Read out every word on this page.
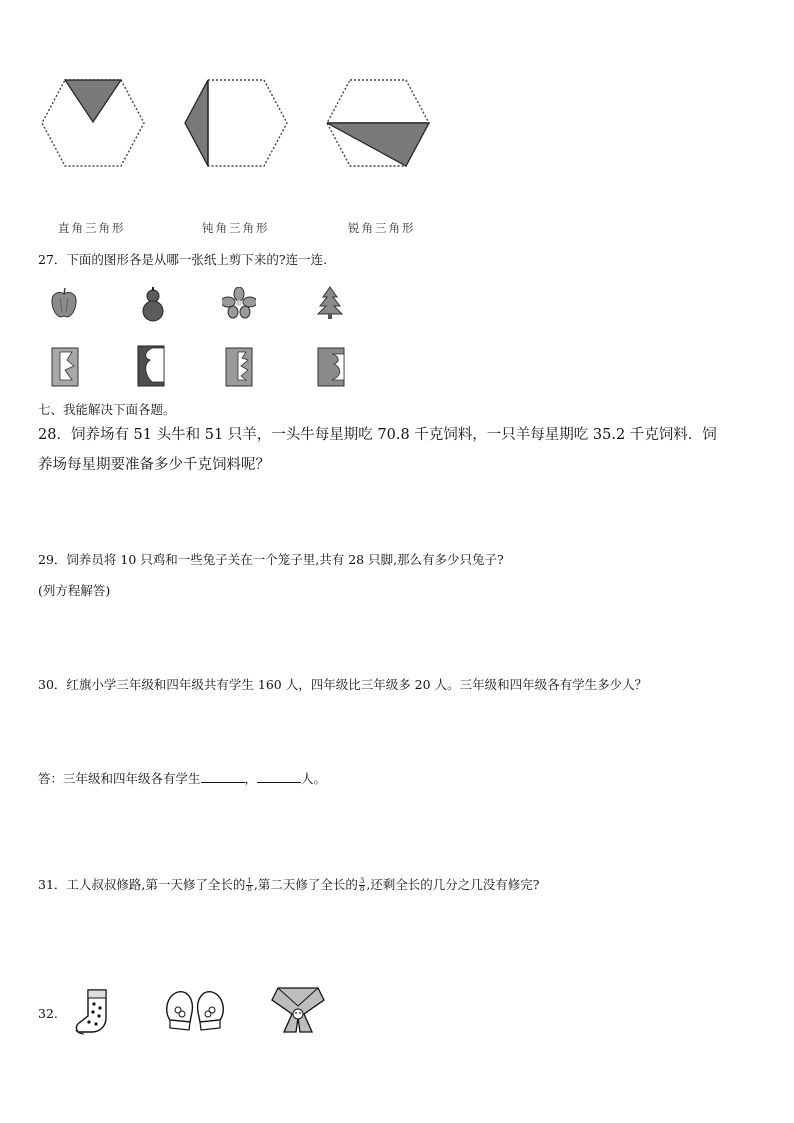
直角三角形	钝角三角形	锐角三角形
27．下面的图形各是从哪一张纸上剪下来的?连一连.
七、我能解决下面各题。
28．饲养场有 51 头牛和 51 只羊，一头牛每星期吃 70.8 千克饲料，一只羊每星期吃 35.2 千克饲料．饲
养场每星期要准备多少千克饲料呢？
29．饲养员将 10 只鸡和一些兔子关在一个笼子里,共有 28 只脚,那么有多少只兔子?
(列方程解答)
30．红旗小学三年级和四年级共有学生 160 人，四年级比三年级多 20 人。三年级和四年级各有学生多少人？
答：三年级和四年级各有学生	，	人。
31．工人叔叔修路,第一天修了全长的 $\frac{1}{8}$ ,第二天修了全长的 $\frac{3}{8}$ ,还剩全长的几分之几没有修完?
32.
